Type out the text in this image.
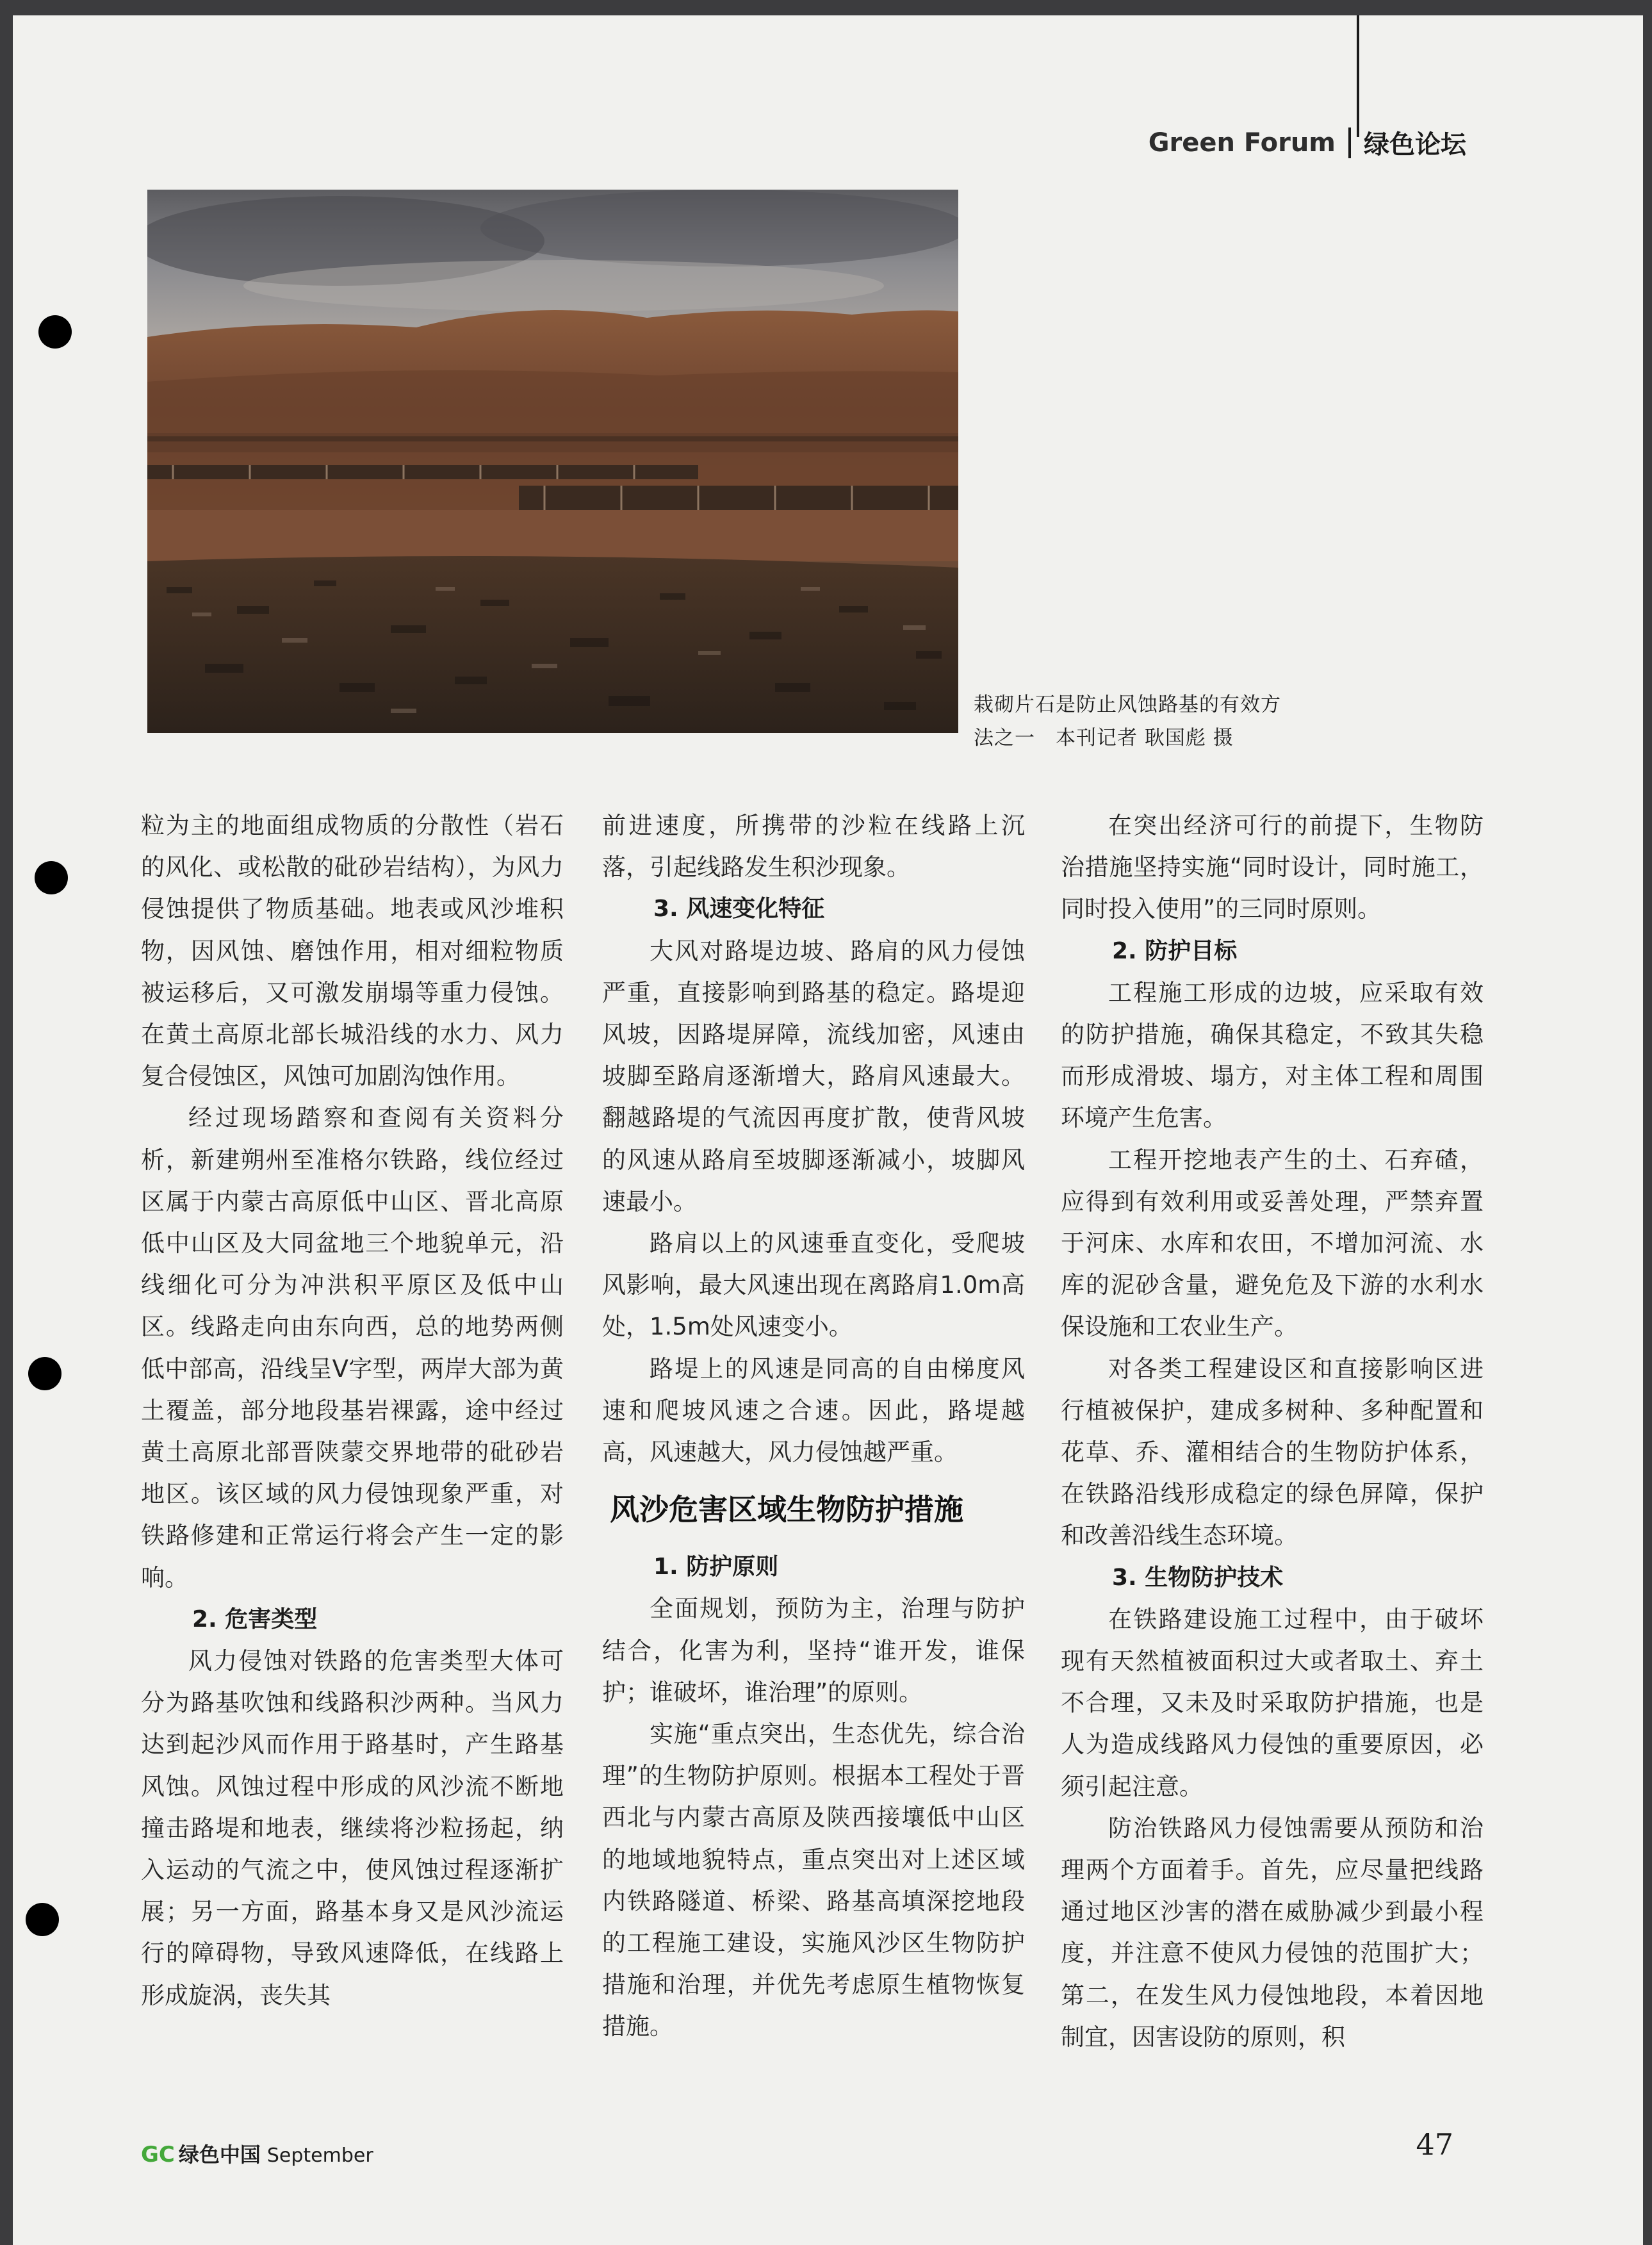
Green Forum 绿色论坛
栽砌片石是防止风蚀路基的有效方
法之一　本刊记者 耿国彪 摄

粒为主的地面组成物质的分散性（岩石的风化、或松散的砒砂岩结构），为风力侵蚀提供了物质基础。地表或风沙堆积物，因风蚀、磨蚀作用，相对细粒物质被运移后，又可激发崩塌等重力侵蚀。在黄土高原北部长城沿线的水力、风力复合侵蚀区，风蚀可加剧沟蚀作用。

经过现场踏察和查阅有关资料分析，新建朔州至准格尔铁路，线位经过区属于内蒙古高原低中山区、晋北高原低中山区及大同盆地三个地貌单元，沿线细化可分为冲洪积平原区及低中山区。线路走向由东向西，总的地势两侧低中部高，沿线呈V字型，两岸大部为黄土覆盖，部分地段基岩裸露，途中经过黄土高原北部晋陕蒙交界地带的砒砂岩地区。该区域的风力侵蚀现象严重，对铁路修建和正常运行将会产生一定的影响。

2. 危害类型

风力侵蚀对铁路的危害类型大体可分为路基吹蚀和线路积沙两种。当风力达到起沙风而作用于路基时，产生路基风蚀。风蚀过程中形成的风沙流不断地撞击路堤和地表，继续将沙粒扬起，纳入运动的气流之中，使风蚀过程逐渐扩展；另一方面，路基本身又是风沙流运行的障碍物，导致风速降低，在线路上形成旋涡，丧失其

前进速度，所携带的沙粒在线路上沉落，引起线路发生积沙现象。

3. 风速变化特征

大风对路堤边坡、路肩的风力侵蚀严重，直接影响到路基的稳定。路堤迎风坡，因路堤屏障，流线加密，风速由坡脚至路肩逐渐增大，路肩风速最大。翻越路堤的气流因再度扩散，使背风坡的风速从路肩至坡脚逐渐减小，坡脚风速最小。

路肩以上的风速垂直变化，受爬坡风影响，最大风速出现在离路肩1.0m高处，1.5m处风速变小。

路堤上的风速是同高的自由梯度风速和爬坡风速之合速。因此，路堤越高，风速越大，风力侵蚀越严重。

风沙危害区域生物防护措施
1. 防护原则

全面规划，预防为主，治理与防护结合，化害为利，坚持“谁开发，谁保护；谁破坏，谁治理”的原则。

实施“重点突出，生态优先，综合治理”的生物防护原则。根据本工程处于晋西北与内蒙古高原及陕西接壤低中山区的地域地貌特点，重点突出对上述区域内铁路隧道、桥梁、路基高填深挖地段的工程施工建设，实施风沙区生物防护措施和治理，并优先考虑原生植物恢复措施。

在突出经济可行的前提下，生物防治措施坚持实施“同时设计，同时施工，同时投入使用”的三同时原则。

2. 防护目标

工程施工形成的边坡，应采取有效的防护措施，确保其稳定，不致其失稳而形成滑坡、塌方，对主体工程和周围环境产生危害。

工程开挖地表产生的土、石弃碴，应得到有效利用或妥善处理，严禁弃置于河床、水库和农田，不增加河流、水库的泥砂含量，避免危及下游的水利水保设施和工农业生产。

对各类工程建设区和直接影响区进行植被保护，建成多树种、多种配置和花草、乔、灌相结合的生物防护体系，在铁路沿线形成稳定的绿色屏障，保护和改善沿线生态环境。

3. 生物防护技术

在铁路建设施工过程中，由于破坏现有天然植被面积过大或者取土、弃土不合理，又未及时采取防护措施，也是人为造成线路风力侵蚀的重要原因，必须引起注意。

防治铁路风力侵蚀需要从预防和治理两个方面着手。首先，应尽量把线路通过地区沙害的潜在威胁减少到最小程度，并注意不使风力侵蚀的范围扩大；第二，在发生风力侵蚀地段，本着因地制宜，因害设防的原则，积

GC 绿色中国 September	47
